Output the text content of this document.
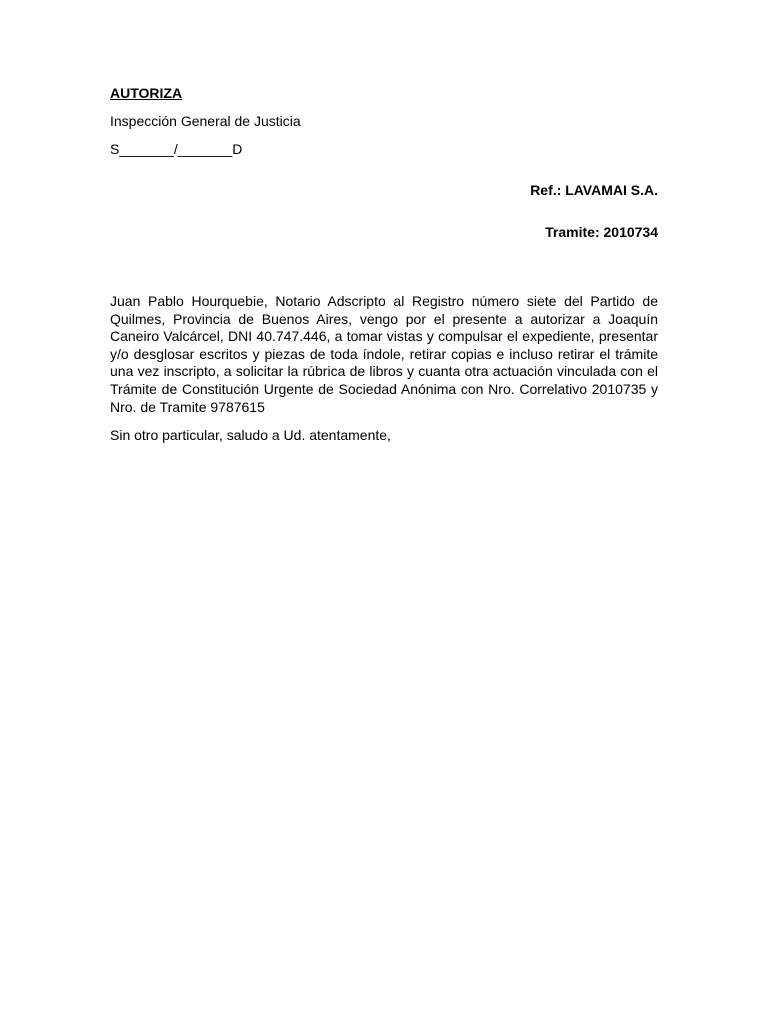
AUTORIZA
Inspección General de Justicia
S_______/_______D
Ref.: LAVAMAI S.A.
Tramite: 2010734
Juan Pablo Hourquebie, Notario Adscripto al Registro número siete del Partido de Quilmes, Provincia de Buenos Aires, vengo por el presente a autorizar a Joaquín Caneiro Valcárcel, DNI 40.747.446, a tomar vistas y compulsar el expediente, presentar y/o desglosar escritos y piezas de toda índole, retirar copias e incluso retirar el trámite una vez inscripto, a solicitar la rúbrica de libros y cuanta otra actuación vinculada con el Trámite de Constitución Urgente de Sociedad Anónima con Nro. Correlativo 2010735 y Nro. de Tramite 9787615
Sin otro particular, saludo a Ud. atentamente,
